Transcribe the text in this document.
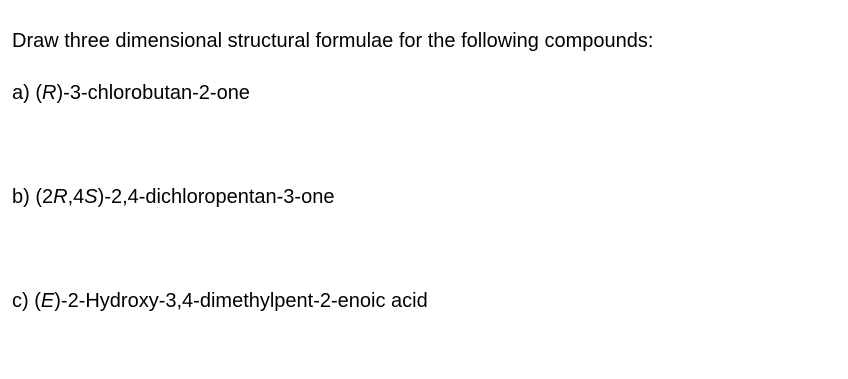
Draw three dimensional structural formulae for the following compounds:
a) (R)-3-chlorobutan-2-one
b) (2R,4S)-2,4-dichloropentan-3-one
c) (E)-2-Hydroxy-3,4-dimethylpent-2-enoic acid
